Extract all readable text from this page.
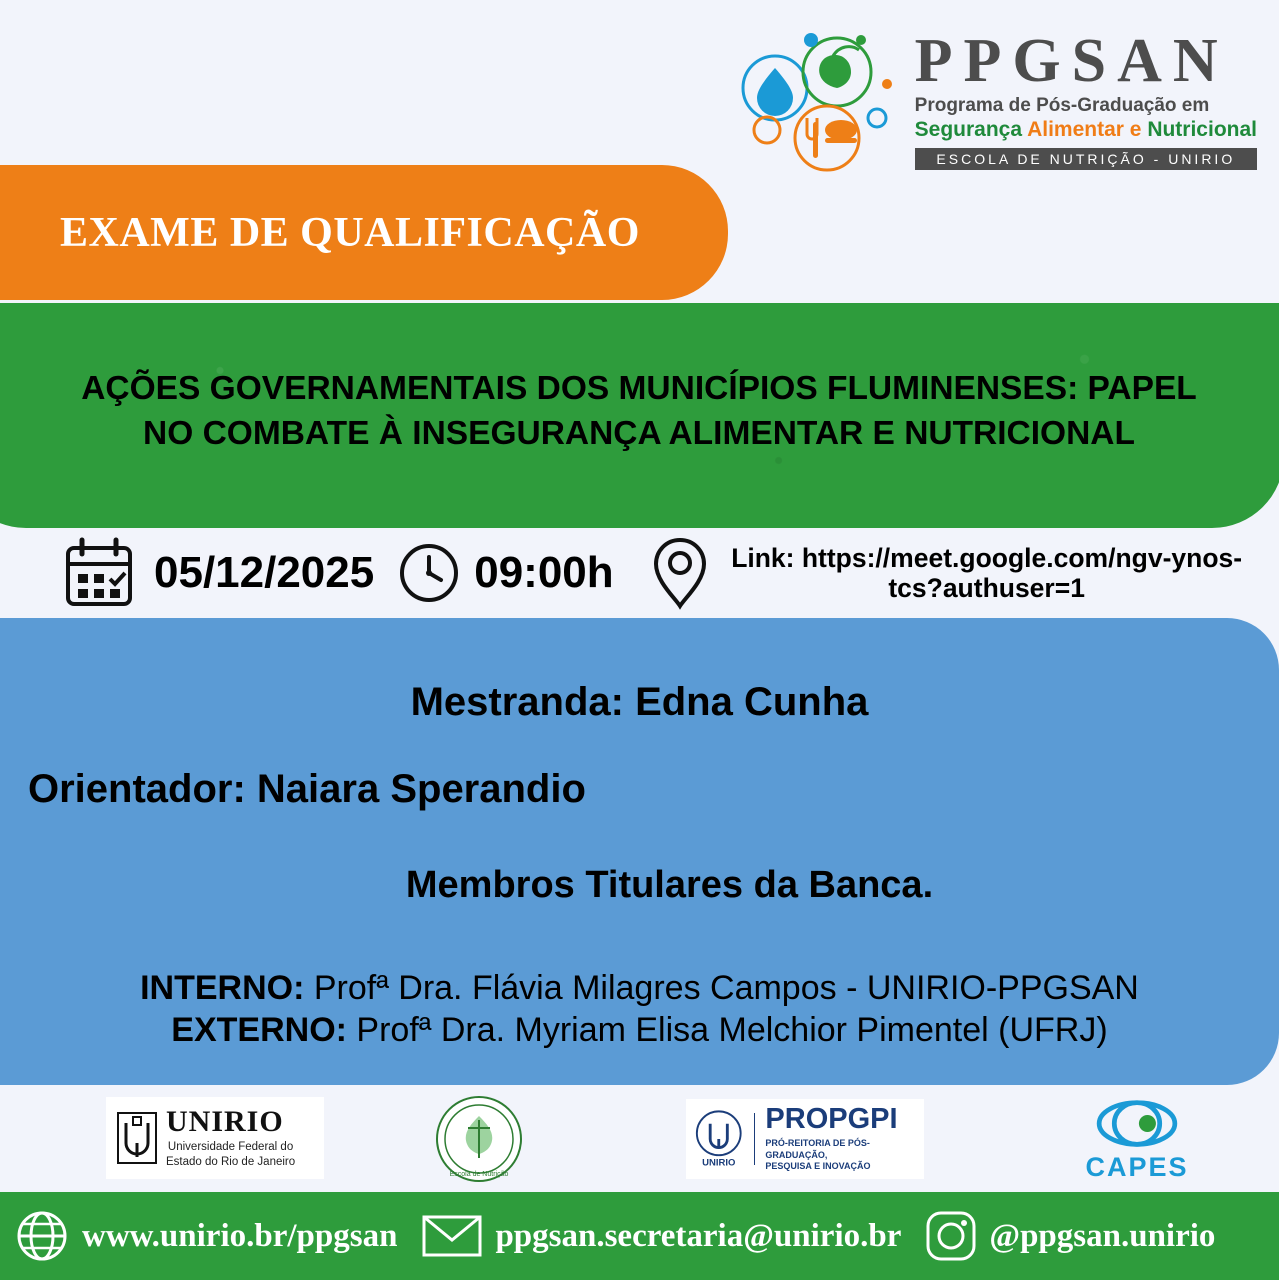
PPGSAN
Programa de Pós-Graduação em
Segurança Alimentar e Nutricional
ESCOLA DE NUTRIÇÃO - UNIRIO
EXAME DE QUALIFICAÇÃO
AÇÕES GOVERNAMENTAIS DOS MUNICÍPIOS FLUMINENSES: PAPEL NO COMBATE À INSEGURANÇA ALIMENTAR E NUTRICIONAL
05/12/2025 09:00h	Link: https://meet.google.com/ngv-ynos-tcs?authuser=1
Mestranda: Edna Cunha
Orientador: Naiara Sperandio
Membros Titulares da Banca.
INTERNO: Profª Dra. Flávia Milagres Campos - UNIRIO-PPGSAN
EXTERNO: Profª Dra. Myriam Elisa Melchior Pimentel (UFRJ)
UNIRIO
Universidade Federal do
Estado do Rio de Janeiro
Escola de Nutrição
UNIRIO
PROPGPI
PRÓ-REITORIA DE PÓS-GRADUAÇÃO,
PESQUISA E INOVAÇÃO	CAPES
www.unirio.br/ppgsan	ppgsan.secretaria@unirio.br	@ppgsan.unirio
